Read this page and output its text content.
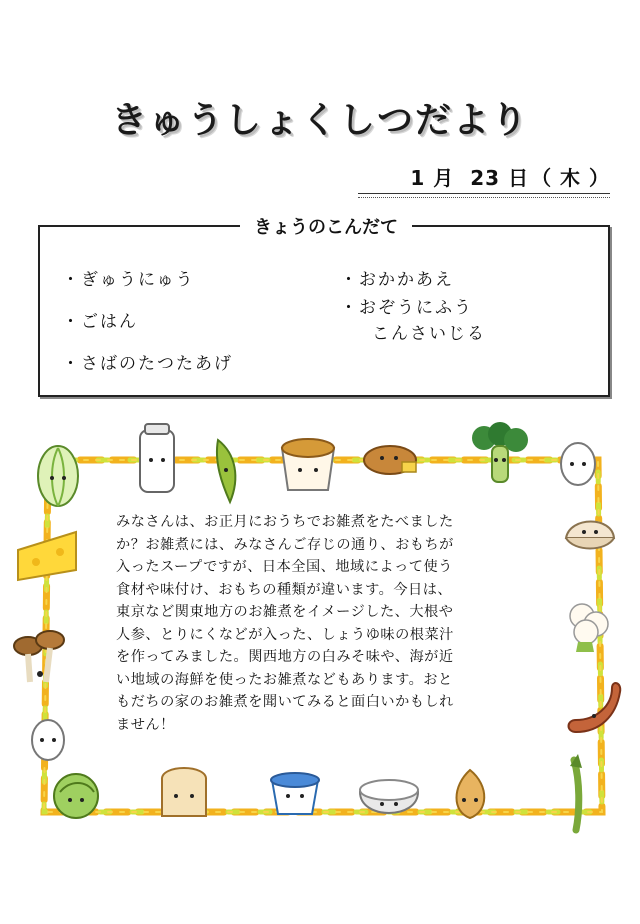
きゅうしょくしつだより
1 月 23 日 （ 木 ）
きょうのこんだて
・ぎゅうにゅう
・ごはん
・さばのたつたあげ
・おかかあえ
・おぞうにふう
こんさいじる
みなさんは、お正月におうちでお雑煮をたべました
か？お雑煮には、みなさんご存じの通り、おもちが
入ったスープですが、日本全国、地域によって使う
食材や味付け、おもちの種類が違います。今日は、
東京など関東地方のお雑煮をイメージした、大根や
人参、とりにくなどが入った、しょうゆ味の根菜汁
を作ってみました。関西地方の白みそ味や、海が近
い地域の海鮮を使ったお雑煮などもあります。おと
もだちの家のお雑煮を聞いてみると面白いかもしれ
ません！
